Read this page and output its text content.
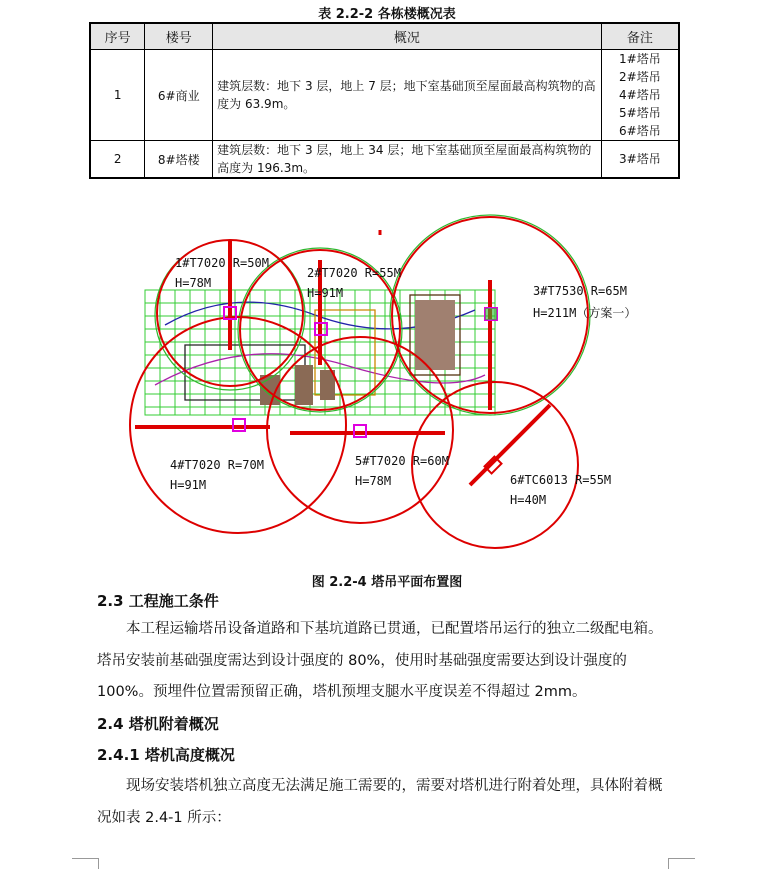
表 2.2-2 各栋楼概况表
序号	楼号	概况	备注
1	6#商业	建筑层数：地下 3 层，地上 7 层；地下室基础顶至屋面最高构筑物的高度为 63.9m。	1#塔吊
2#塔吊
4#塔吊
5#塔吊
6#塔吊

2	8#塔楼	建筑层数：地下 3 层，地上 34 层；地下室基础顶至屋面最高构筑物的高度为 196.3m。	3#塔吊
1#T7020 R=50M
H=78M
2#T7020 R=55M
H=91M	3#T7530 R=65M
H=211M（方案一）
4#T7020 R=70M
H=91M
5#T7020 R=60M
H=78M	6#TC6013 R=55M
H=40M
图 2.2-4 塔吊平面布置图
2.3 工程施工条件
本工程运输塔吊设备道路和下基坑道路已贯通，已配置塔吊运行的独立二级配电箱。塔吊安装前基础强度需达到设计强度的 80%，使用时基础强度需要达到设计强度的 100%。预埋件位置需预留正确，塔机预埋支腿水平度误差不得超过 2mm。
2.4 塔机附着概况
2.4.1 塔机高度概况
现场安装塔机独立高度无法满足施工需要的，需要对塔机进行附着处理，具体附着概况如表 2.4-1 所示：
